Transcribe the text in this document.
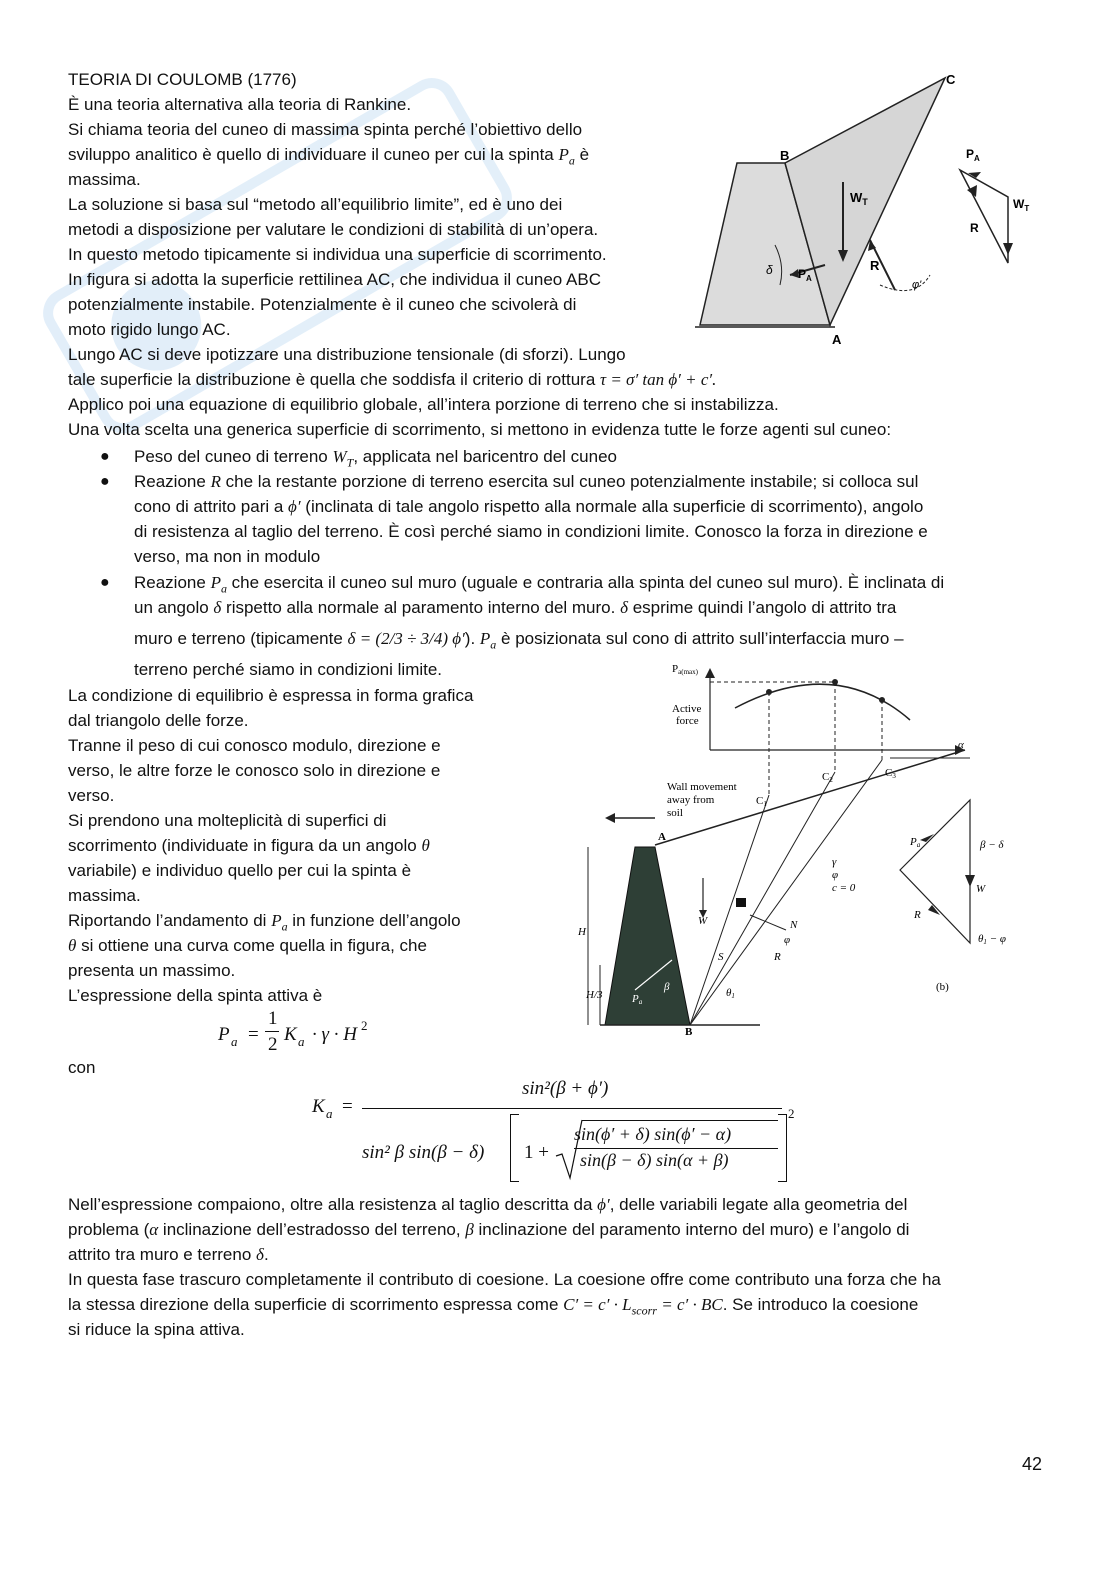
TEORIA DI COULOMB (1776)
È una teoria alternativa alla teoria di Rankine.
Si chiama teoria del cuneo di massima spinta perché l’obiettivo dello
sviluppo analitico è quello di individuare il cuneo per cui la spinta $P_a$ è
massima.
La soluzione si basa sul “metodo all’equilibrio limite”, ed è uno dei
metodi a disposizione per valutare le condizioni di stabilità di un’opera.
In questo metodo tipicamente si individua una superficie di scorrimento.
In figura si adotta la superficie rettilinea AC, che individua il cuneo ABC
potenzialmente instabile. Potenzialmente è il cuneo che scivolerà di
moto rigido lungo AC.
Lungo AC si deve ipotizzare una distribuzione tensionale (di sforzi). Lungo
tale superficie la distribuzione è quella che soddisfa il criterio di rottura τ = σ′ tan ϕ′ + c′.
Applico poi una equazione di equilibrio globale, all’intera porzione di terreno che si instabilizza.
Una volta scelta una generica superficie di scorrimento, si mettono in evidenza tutte le forze agenti sul cuneo:
● Peso del cuneo di terreno $W_T$, applicata nel baricentro del cuneo
● Reazione R che la restante porzione di terreno esercita sul cuneo potenzialmente instabile; si colloca sul
cono di attrito pari a ϕ′ (inclinata di tale angolo rispetto alla normale alla superficie di scorrimento), angolo
di resistenza al taglio del terreno. È così perché siamo in condizioni limite. Conosco la forza in direzione e
verso, ma non in modulo
● Reazione $P_a$ che esercita il cuneo sul muro (uguale e contraria alla spinta del cuneo sul muro). È inclinata di
un angolo δ rispetto alla normale al paramento interno del muro. δ esprime quindi l’angolo di attrito tra
muro e terreno (tipicamente δ = (2/3 ÷ 3/4) ϕ′). $P_a$ è posizionata sul cono di attrito sull’interfaccia muro –
terreno perché siamo in condizioni limite.
La condizione di equilibrio è espressa in forma grafica
dal triangolo delle forze.
Tranne il peso di cui conosco modulo, direzione e
verso, le altre forze le conosco solo in direzione e
verso.
Si prendono una molteplicità di superfici di
scorrimento (individuate in figura da un angolo θ
variabile) e individuo quello per cui la spinta è
massima.
Riportando l’andamento di $P_a$ in funzione dell’angolo
θ si ottiene una curva come quella in figura, che
presenta un massimo.
L’espressione della spinta attiva è
P a =
1
2 K a · γ · H 2
con
K a =
sin²(β + ϕ′)
sin² β sin(β − δ) 1 +
sin(ϕ′ + δ) sin(ϕ′ − α)
sin(β − δ) sin(α + β)
2
Nell’espressione compaiono, oltre alla resistenza al taglio descritta da ϕ′, delle variabili legate alla geometria del
problema (α inclinazione dell’estradosso del terreno, β inclinazione del paramento interno del muro) e l’angolo di
attrito tra muro e terreno δ.
In questa fase trascuro completamente il contributo di coesione. La coesione offre come contributo una forza che ha
la stessa direzione della superficie di scorrimento espressa come $C' = c' \cdot L_{scorr} = c'$ · BC. Se introduco la coesione
si riduce la spina attiva.
42
$W_T$
$P_A$
δ	R
φ'
B
C
A
$P_A$
$W_T$
R
Pa(max)
Active
force
α
Wall movement
away from
soil
A
B
C1
C2
C3
H
H/3
W	N
φ
R
S
θ1
β
Pa
γ
φ
c = 0
Pa	β − δ
W
R
θ1 − φ
(b)
